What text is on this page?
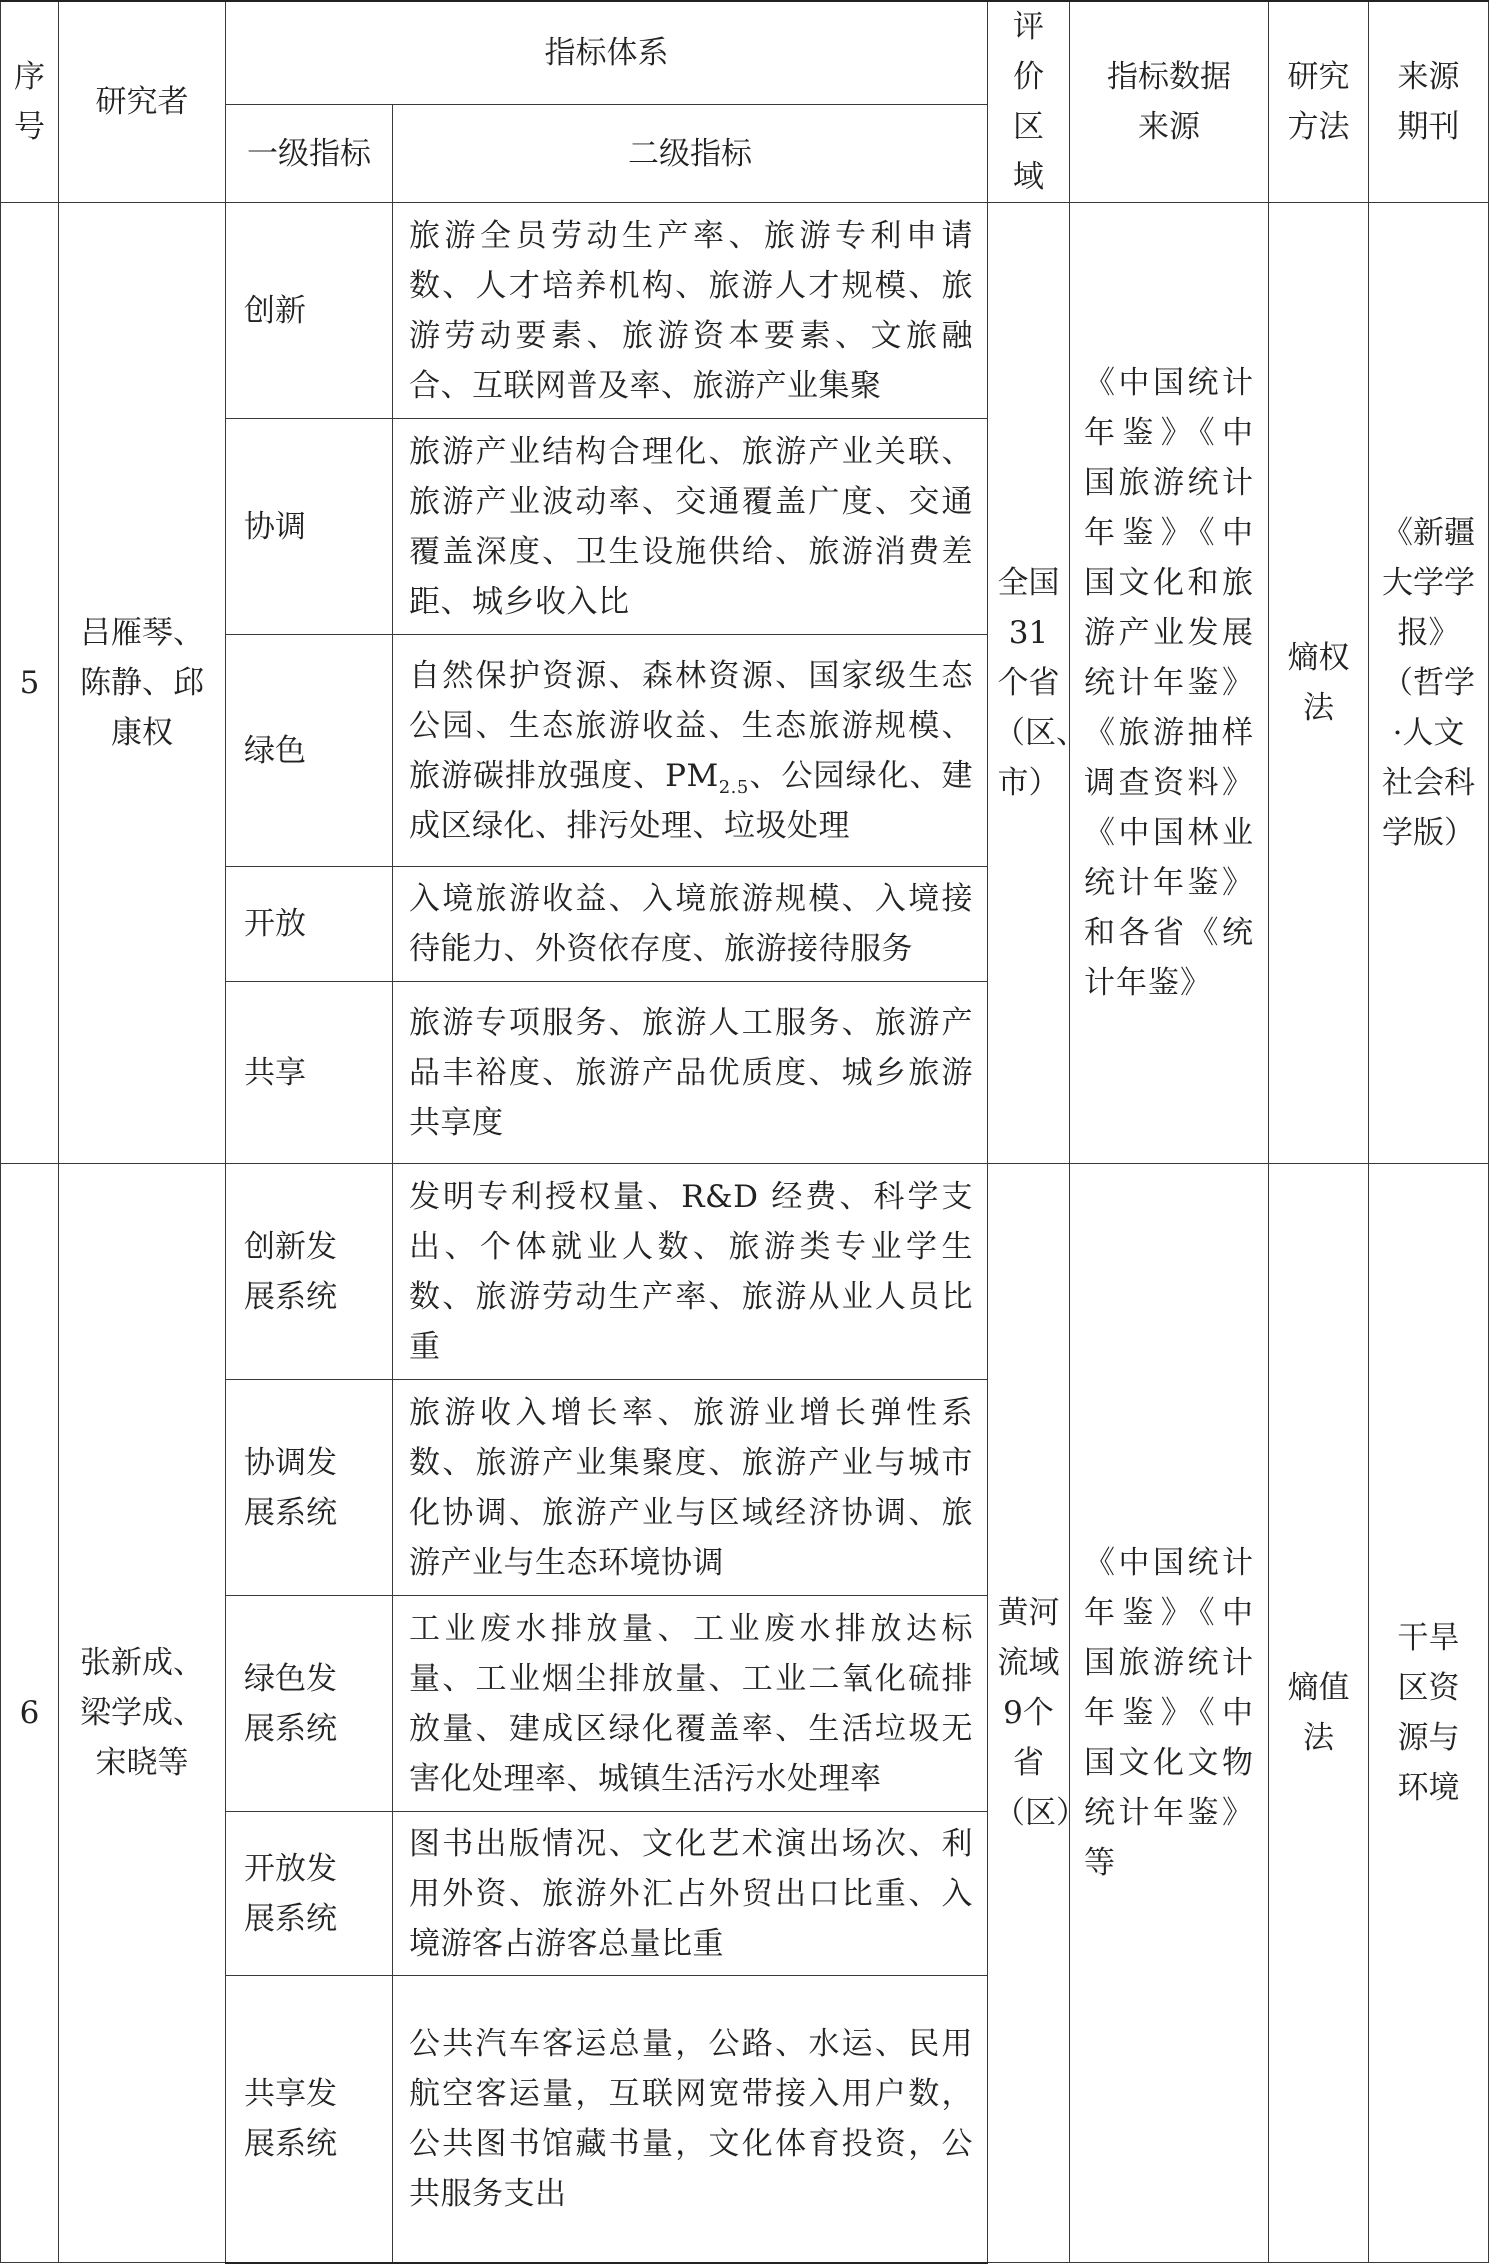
序号	研究者	指标体系		评价区域	指标数据来源	研究方法	来源期刊
		一级指标	二级指标				
5	吕雁琴、陈静、邱康权	创新	旅游全员劳动生产率、旅游专利申请数、人才培养机构、旅游人才规模、旅游劳动要素、旅游资本要素、文旅融合、互联网普及率、旅游产业集聚	全国31个省（区、市）	《中国统计年鉴》《中国旅游统计年鉴》《中国文化和旅游产业发展统计年鉴》《旅游抽样调查资料》《中国林业统计年鉴》和各省《统计年鉴》	熵权法	《新疆大学学报》（哲学·人文社会科学版）
		协调	旅游产业结构合理化、旅游产业关联、旅游产业波动率、交通覆盖广度、交通覆盖深度、卫生设施供给、旅游消费差距、城乡收入比				
		绿色	自然保护资源、森林资源、国家级生态公园、生态旅游收益、生态旅游规模、旅游碳排放强度、$PM_{2.5}$、公园绿化、建成区绿化、排污处理、垃圾处理				
		开放	入境旅游收益、入境旅游规模、入境接待能力、外资依存度、旅游接待服务				
		共享	旅游专项服务、旅游人工服务、旅游产品丰裕度、旅游产品优质度、城乡旅游共享度				
6	张新成、梁学成、宋晓等	创新发展系统	发明专利授权量、R&D 经费、科学支出、个体就业人数、旅游类专业学生数、旅游劳动生产率、旅游从业人员比重	黄河流域9个省（区）	《中国统计年鉴》《中国旅游统计年鉴》《中国文化文物统计年鉴》等	熵值法	干旱区资源与环境
		协调发展系统	旅游收入增长率、旅游业增长弹性系数、旅游产业集聚度、旅游产业与城市化协调、旅游产业与区域经济协调、旅游产业与生态环境协调				
		绿色发展系统	工业废水排放量、工业废水排放达标量、工业烟尘排放量、工业二氧化硫排放量、建成区绿化覆盖率、生活垃圾无害化处理率、城镇生活污水处理率				
		开放发展系统	图书出版情况、文化艺术演出场次、利用外资、旅游外汇占外贸出口比重、入境游客占游客总量比重				
		共享发展系统	公共汽车客运总量，公路、水运、民用航空客运量，互联网宽带接入用户数，公共图书馆藏书量，文化体育投资，公共服务支出				
